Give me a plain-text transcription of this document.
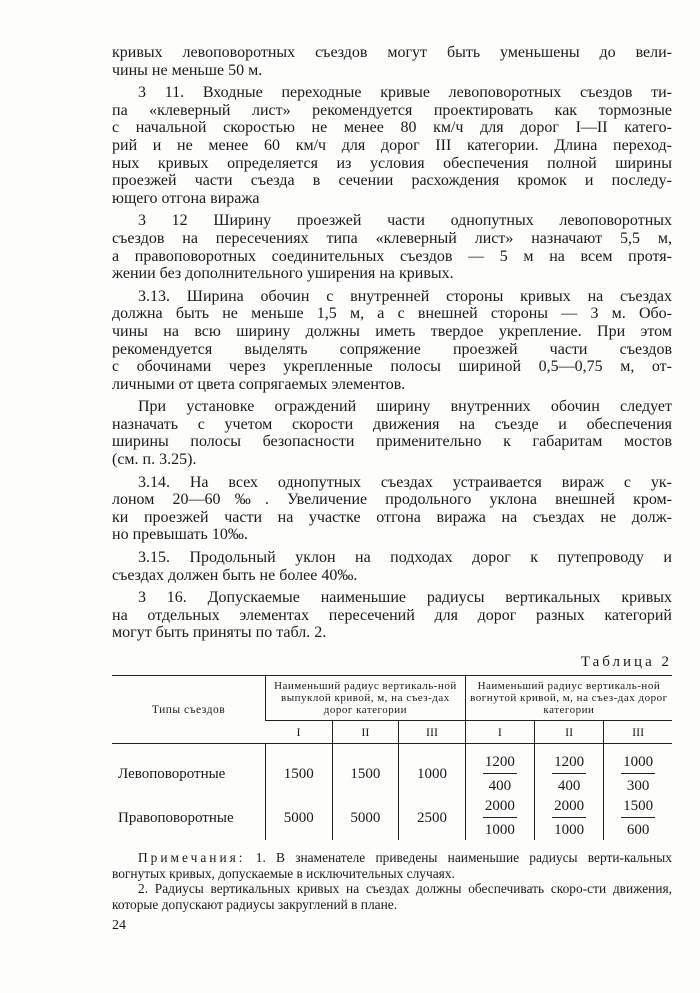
кривых левоповоротных съездов могут быть уменьшены до вели-
чины не меньше 50 м.
3 11. Входные переходные кривые левоповоротных съездов ти-
па «клеверный лист» рекомендуется проектировать как тормозные
с начальной скоростью не менее 80 км/ч для дорог I—II катего-
рий и не менее 60 км/ч для дорог III категории. Длина переход-
ных кривых определяется из условия обеспечения полной ширины
проезжей части съезда в сечении расхождения кромок и последу-
ющего отгона виража
3 12 Ширину проезжей части однопутных левоповоротных
съездов на пересечениях типа «клеверный лист» назначают 5,5 м,
а правоповоротных соединительных съездов — 5 м на всем протя-
жении без дополнительного уширения на кривых.
3.13. Ширина обочин с внутренней стороны кривых на съездах
должна быть не меньше 1,5 м, а с внешней стороны — 3 м. Обо-
чины на всю ширину должны иметь твердое укрепление. При этом
рекомендуется выделять сопряжение проезжей части съездов
с обочинами через укрепленные полосы шириной 0,5—0,75 м, от-
личными от цвета сопрягаемых элементов.
При установке ограждений ширину внутренних обочин следует
назначать с учетом скорости движения на съезде и обеспечения
ширины полосы безопасности применительно к габаритам мостов
(см. п. 3.25).
3.14. На всех однопутных съездах устраивается вираж с ук-
лоном 20—60‰. Увеличение продольного уклона внешней кром-
ки проезжей части на участке отгона виража на съездах не долж-
но превышать 10‰.
3.15. Продольный уклон на подходах дорог к путепроводу и
съездах должен быть не более 40‰.
3 16. Допускаемые наименьшие радиусы вертикальных кривых
на отдельных элементах пересечений для дорог разных категорий
могут быть приняты по табл. 2.
Таблица 2
Типы съездов	Наименьший радиус вертикаль-ной выпуклой кривой, м, на съез-дах дорог категории			Наименьший радиус вертикаль-ной вогнутой кривой, м, на съез-дах дорог категории		
	I	II	III	I	II	III
Левоповоротные	1500	1500	1000	$\frac{1200}{400}$	$\frac{1200}{400}$	$\frac{1000}{300}$

Правоповоротные	5000	5000	2500	$\frac{2000}{1000}$	$\frac{2000}{1000}$	$\frac{1500}{600}$
Примечания: 1. В знаменателе приведены наименьшие радиусы верти-кальных вогнутых кривых, допускаемые в исключительных случаях.
2. Радиусы вертикальных кривых на съездах должны обеспечивать скоро-сти движения, которые допускают радиусы закруглений в плане.
24
